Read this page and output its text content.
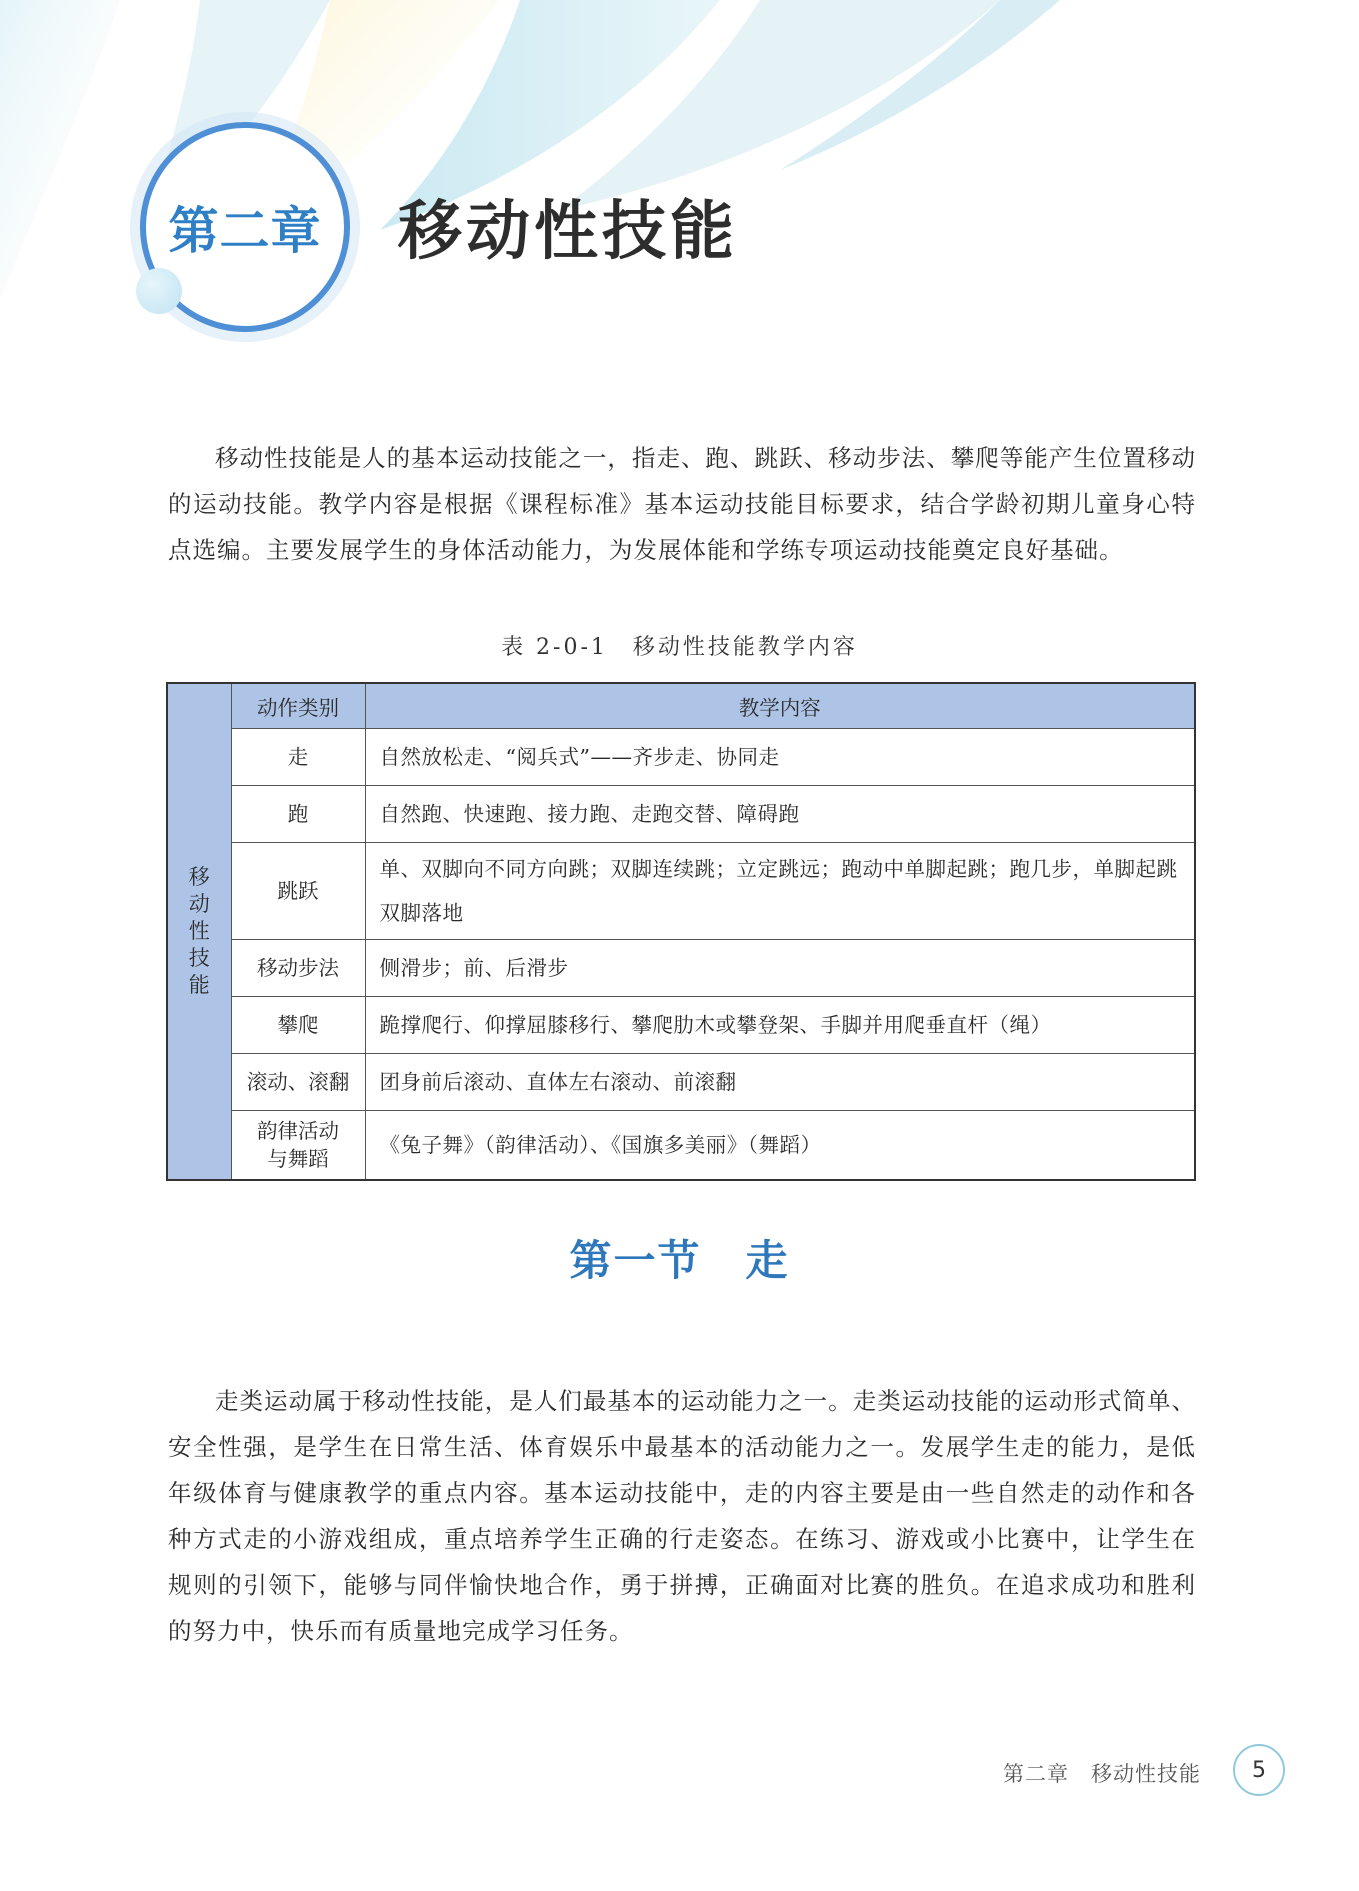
第二章 移动性技能

移动性技能是人的基本运动技能之一，指走、跑、跳跃、移动步法、攀爬等能产生位置移动的运动技能。教学内容是根据《课程标准》基本运动技能目标要求，结合学龄初期儿童身心特点选编。主要发展学生的身体活动能力，为发展体能和学练专项运动技能奠定良好基础。

表 2-0-1　移动性技能教学内容
移动性技能	动作类别	教学内容
	走	自然放松走、“阅兵式”——齐步走、协同走
	跑	自然跑、快速跑、接力跑、走跑交替、障碍跑
	跳跃	单、双脚向不同方向跳；双脚连续跳；立定跳远；跑动中单脚起跳；跑几步，单脚起跳双脚落地
	移动步法	侧滑步；前、后滑步
	攀爬	跪撑爬行、仰撑屈膝移行、攀爬肋木或攀登架、手脚并用爬垂直杆（绳）
	滚动、滚翻	团身前后滚动、直体左右滚动、前滚翻
	韵律活动与舞蹈	《兔子舞》（韵律活动）、《国旗多美丽》（舞蹈）
第一节　走

走类运动属于移动性技能，是人们最基本的运动能力之一。走类运动技能的运动形式简单、安全性强，是学生在日常生活、体育娱乐中最基本的活动能力之一。发展学生走的能力，是低年级体育与健康教学的重点内容。基本运动技能中，走的内容主要是由一些自然走的动作和各种方式走的小游戏组成，重点培养学生正确的行走姿态。在练习、游戏或小比赛中，让学生在规则的引领下，能够与同伴愉快地合作，勇于拼搏，正确面对比赛的胜负。在追求成功和胜利的努力中，快乐而有质量地完成学习任务。

第二章　移动性技能	5
